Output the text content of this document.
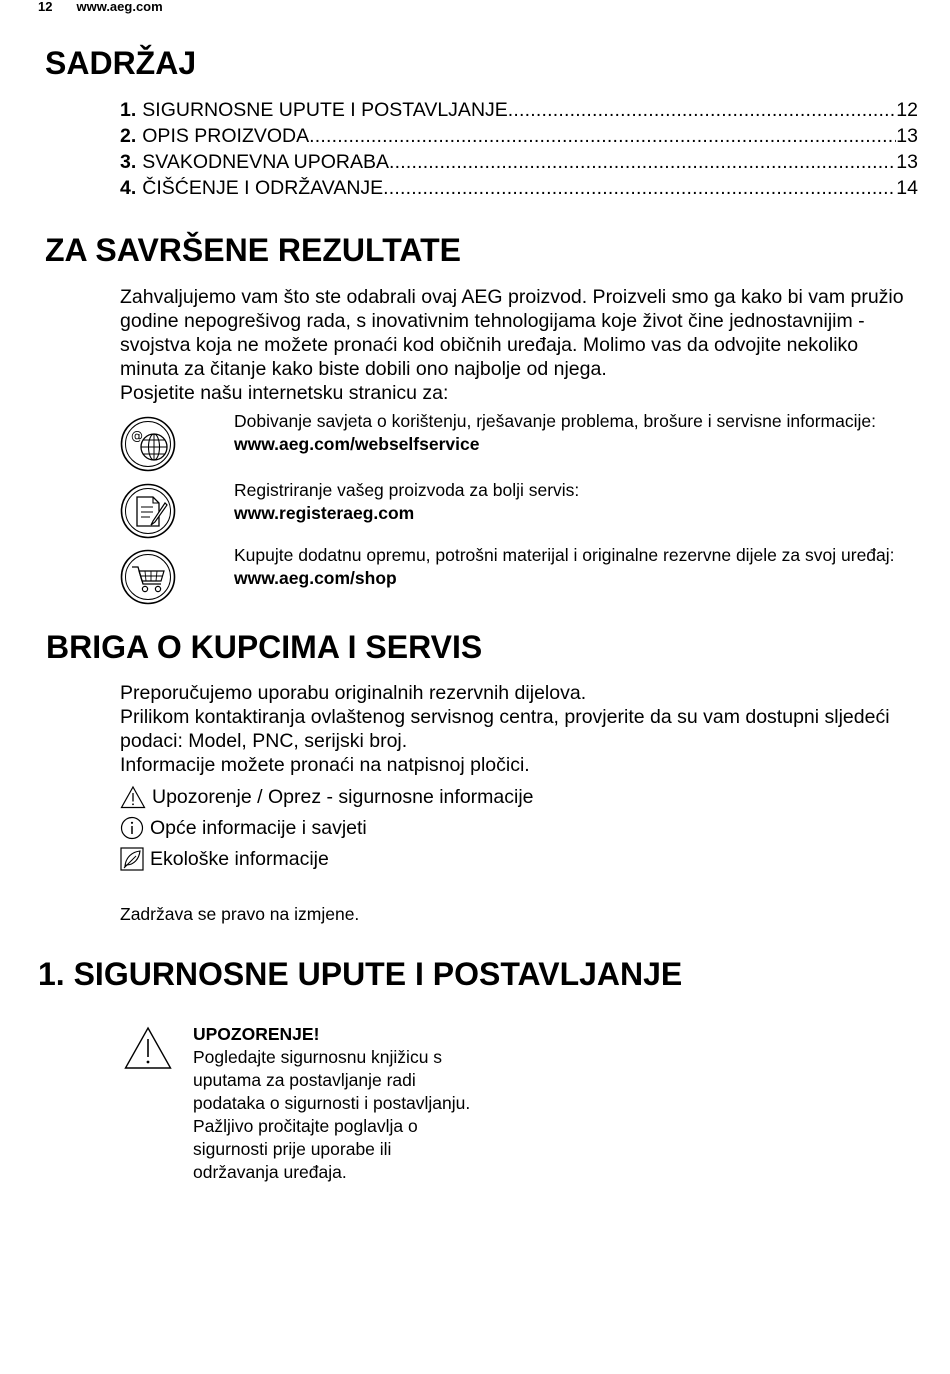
12 www.aeg.com
SADRŽAJ
1. SIGURNOSNE UPUTE I POSTAVLJANJE .....	12
2. OPIS PROIZVODA .....	13
3. SVAKODNEVNA UPORABA .....	13
4. ČIŠĆENJE I ODRŽAVANJE .....	14
ZA SAVRŠENE REZULTATE
Zahvaljujemo vam što ste odabrali ovaj AEG proizvod. Proizveli smo ga kako bi vam pružio godine nepogrešivog rada, s inovativnim tehnologijama koje život čine jednostavnijim - svojstva koja ne možete pronaći kod običnih uređaja. Molimo vas da odvojite nekoliko minuta za čitanje kako biste dobili ono najbolje od njega.
Posjetite našu internetsku stranicu za:
@
Dobivanje savjeta o korištenju, rješavanje problema, brošure i servisne informacije:
www.aeg.com/webselfservice
Registriranje vašeg proizvoda za bolji servis:
www.registeraeg.com
Kupujte dodatnu opremu, potrošni materijal i originalne rezervne dijele za svoj uređaj:
www.aeg.com/shop
BRIGA O KUPCIMA I SERVIS
Preporučujemo uporabu originalnih rezervnih dijelova.
Prilikom kontaktiranja ovlaštenog servisnog centra, provjerite da su vam dostupni sljedeći podaci: Model, PNC, serijski broj.
Informacije možete pronaći na natpisnoj pločici.
Upozorenje / Oprez - sigurnosne informacije
Opće informacije i savjeti
Ekološke informacije
Zadržava se pravo na izmjene.
1. SIGURNOSNE UPUTE I POSTAVLJANJE
UPOZORENJE!
Pogledajte sigurnosnu knjižicu s uputama za postavljanje radi podataka o sigurnosti i postavljanju. Pažljivo pročitajte poglavlja o sigurnosti prije uporabe ili održavanja uređaja.
